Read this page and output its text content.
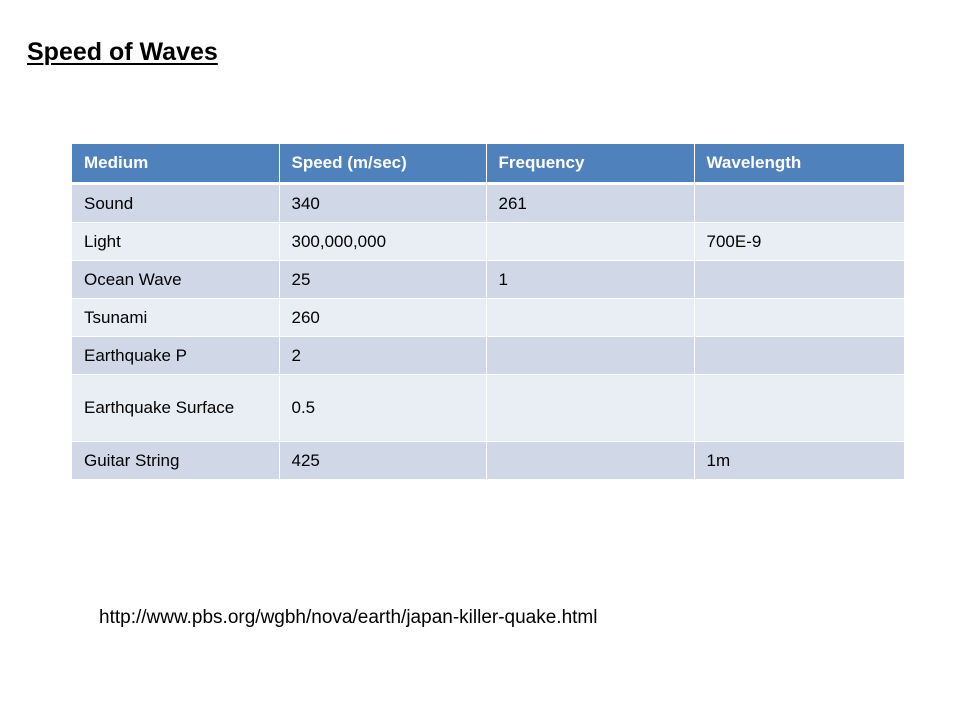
Speed of Waves
Medium	Speed (m/sec)	Frequency	Wavelength
Sound	340	261	
Light	300,000,000		700E-9
Ocean Wave	25	1	
Tsunami	260		
Earthquake P	2		
Earthquake Surface	0.5		
Guitar String	425		1m
http://www.pbs.org/wgbh/nova/earth/japan-killer-quake.html
